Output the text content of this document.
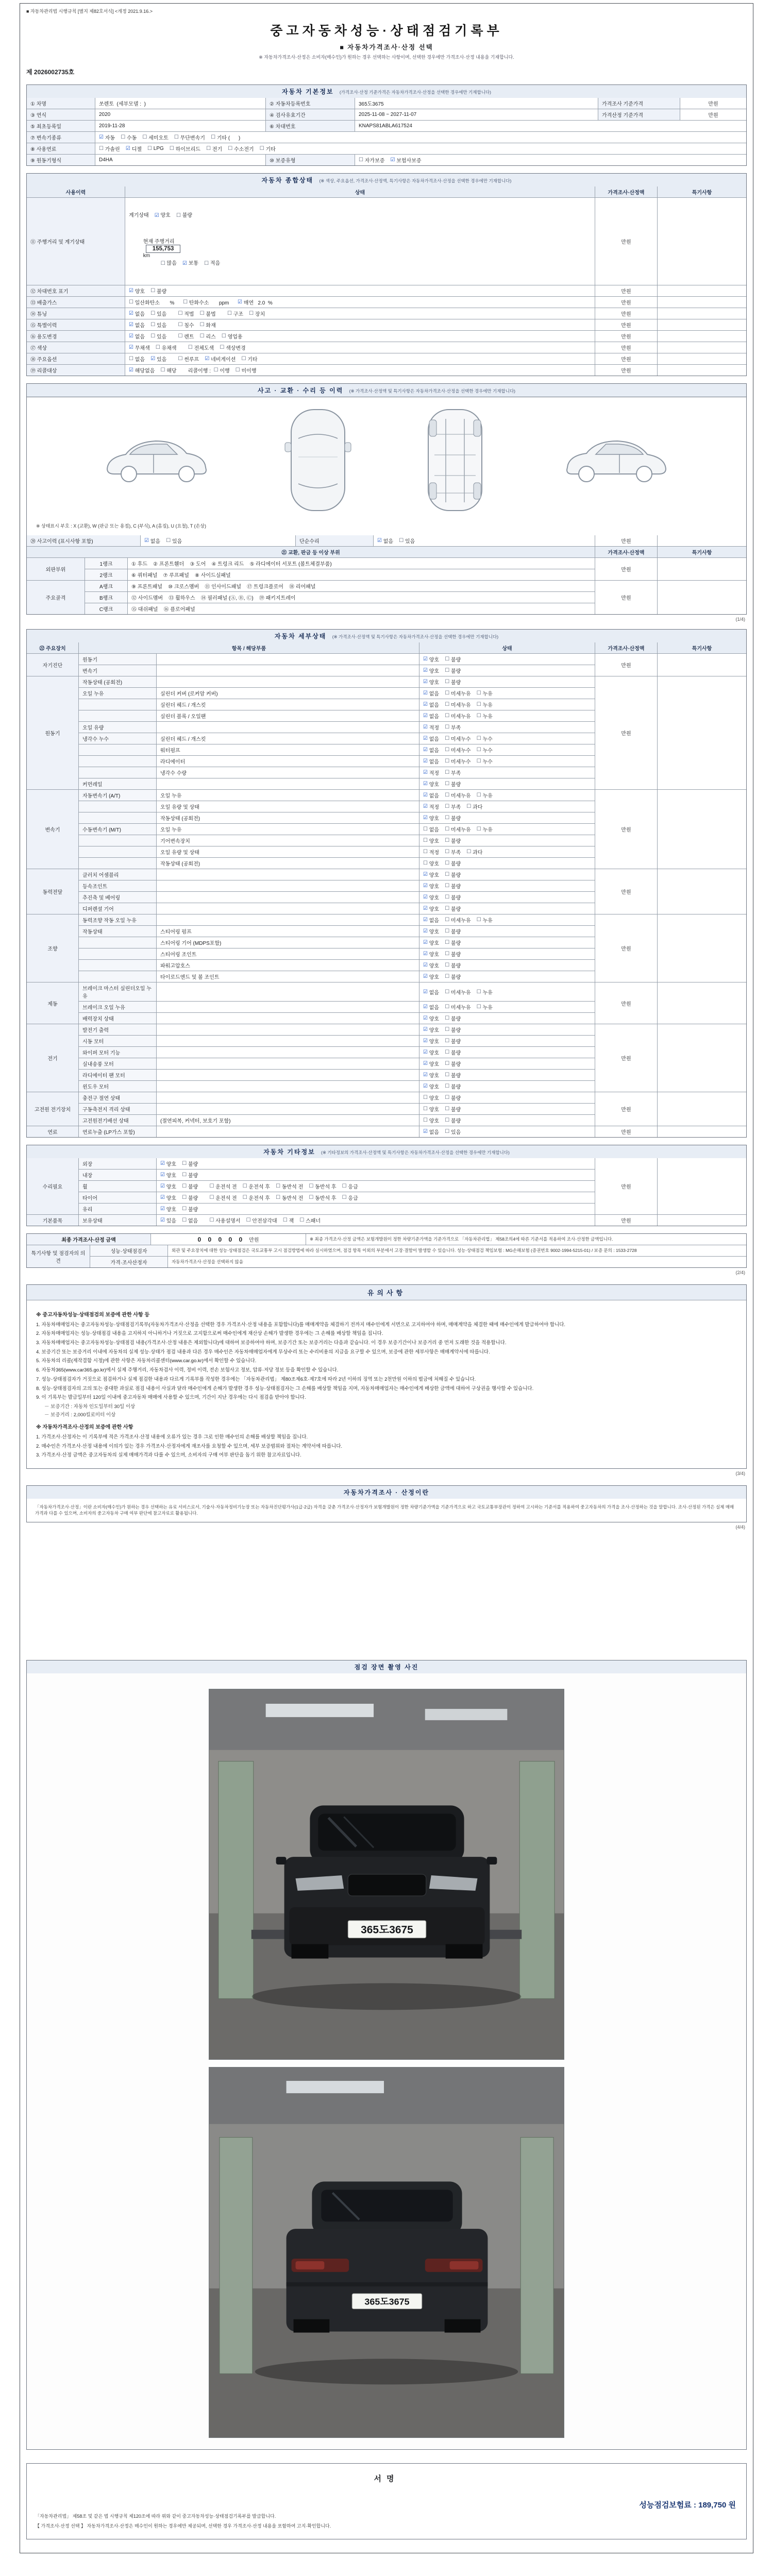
■ 자동차관리법 시행규칙 [별지 제82호서식] <개정 2021.9.16.>
중고자동차성능·상태점검기록부
■ 자동차가격조사·산정 선택
※ 자동차가격조사·산정은 소비자(매수인)가 원하는 경우 선택하는 사항이며, 선택한 경우에만 가격조사·산정 내용을 기재합니다.
제 2026002735호
자동차 기본정보 (가격조사·산정 기준가격은 자동차가격조사·산정을 선택한 경우에만 기재합니다)
① 차명	쏘렌토  (세부모델 :  )	② 자동차등록번호	365도3675	가격조사 기준가격	만원
③ 연식	2020	④ 검사유효기간	2025-11-08 ~ 2027-11-07	가격산정 기준가격	만원
⑤ 최초등록일	2019-11-28	⑥ 차대번호	KNAPS81ABLA617524
⑦ 변속기종류	☑ 자동 ☐ 수동 ☐ 세미오토 ☐ 무단변속기 ☐ 기타 (      )
⑧ 사용연료	☐ 가솔린 ☑ 디젤 ☐ LPG ☐ 하이브리드 ☐ 전기 ☐ 수소전기 ☐ 기타
⑨ 원동기형식	D4HA	⑩ 보증유형	☐ 자가보증 ☑ 보험사보증
자동차 종합상태 (※ 색상, 주요옵션, 가격조사·산정액, 특기사항은 자동차가격조사·산정을 선택한 경우에만 기재합니다)
사용이력	상태	가격조사·산정액	특기사항
⑪ 주행거리 및 계기상태

계기상태    ☑ 양호    ☐ 불량

현재 주행거리
155,753
km
☐ 많음    ☑ 보통    ☐ 적음

만원
⑫ 차대번호 표기	☑ 양호 ☐ 불량	만원
⑬ 배출가스	☐ 일산화탄소       % ☐ 탄화수소       ppm ☑ 매연   2.0  %	만원
⑭ 튜닝	☑ 없음 ☐ 있음 ☐ 적법 ☐ 불법 ☐ 구조 ☐ 장치	만원
⑮ 특별이력	☑ 없음 ☐ 있음 ☐ 침수 ☐ 화재	만원
⑯ 용도변경	☑ 없음 ☐ 있음 ☐ 렌트 ☐ 리스 ☐ 영업용	만원
⑰ 색상	☑ 무채색 ☐ 유채색 ☐ 전체도색 ☐ 색상변경	만원
⑱ 주요옵션	☐ 없음 ☑ 있음 ☐ 썬루프 ☑ 네비게이션 ☐ 기타	만원
⑲ 리콜대상	☑ 해당없음 ☐ 해당        리콜이행 : ☐ 이행 ☐ 미이행	만원
사고 · 교환 · 수리 등 이력 (※ 가격조사·산정액 및 특기사항은 자동차가격조사·산정을 선택한 경우에만 기재합니다)
※ 상태표시 부호 : X (교환), W (판금 또는 용접), C (부식), A (흠집), U (요철), T (손상)
⑳ 사고이력 (표시사항 포함)	☑ 없음 ☐ 있음	단순수리	☑ 없음 ☐ 있음	만원
㉑ 교환, 판금 등 이상 부위	가격조사·산정액	특기사항
외판부위
1랭크	① 후드    ② 프론트휀더    ③ 도어    ④ 트렁크 리드    ⑤ 라디에이터 서포트 (볼트체결부품)
2랭크	⑥ 쿼터패널    ⑦ 루프패널    ⑧ 사이드실패널
만원
주요골격
A랭크	⑨ 프론트패널    ⑩ 크로스멤버    ⑪ 인사이드패널    ⑰ 트렁크플로어    ⑱ 리어패널
B랭크	⑫ 사이드멤버    ⑬ 휠하우스    ⑭ 필러패널 (Ⓐ, Ⓑ, Ⓒ)    ⑲ 패키지트레이
C랭크	⑮ 대쉬패널    ⑯ 플로어패널
만원
(1/4)
자동차 세부상태 (※ 가격조사·산정액 및 특기사항은 자동차가격조사·산정을 선택한 경우에만 기재합니다)
㉒ 주요장치	항목 / 해당부품	상태	가격조사·산정액	특기사항
자기진단
원동기	☑ 양호 ☐ 불량
변속기	☑ 양호 ☐ 불량
만원
원동기
작동상태 (공회전)	☑ 양호 ☐ 불량
오일 누유	실린더 커버 (로커암 커버)	☑ 없음 ☐ 미세누유 ☐ 누유
실린더 헤드 / 개스킷	☑ 없음 ☐ 미세누유 ☐ 누유
실린더 블록 / 오일팬	☑ 없음 ☐ 미세누유 ☐ 누유
오일 유량	☑ 적정 ☐ 부족
냉각수 누수	실린더 헤드 / 개스킷	☑ 없음 ☐ 미세누수 ☐ 누수
워터펌프	☑ 없음 ☐ 미세누수 ☐ 누수
라디에이터	☑ 없음 ☐ 미세누수 ☐ 누수
냉각수 수량	☑ 적정 ☐ 부족
커먼레일	☑ 양호 ☐ 불량
만원
변속기
자동변속기 (A/T)	오일 누유	☑ 없음 ☐ 미세누유 ☐ 누유
오일 유량 및 상태	☑ 적정 ☐ 부족 ☐ 과다
작동상태 (공회전)	☑ 양호 ☐ 불량
수동변속기 (M/T)	오일 누유	☐ 없음 ☐ 미세누유 ☐ 누유
기어변속장치	☐ 양호 ☐ 불량
오일 유량 및 상태	☐ 적정 ☐ 부족 ☐ 과다
작동상태 (공회전)	☐ 양호 ☐ 불량
만원
동력전달
클러치 어셈블리	☑ 양호 ☐ 불량
등속조인트	☑ 양호 ☐ 불량
추진축 및 베어링	☑ 양호 ☐ 불량
디퍼렌셜 기어	☑ 양호 ☐ 불량
만원
조향
동력조향 작동 오일 누유	☑ 없음 ☐ 미세누유 ☐ 누유
작동상태	스티어링 펌프	☑ 양호 ☐ 불량
스티어링 기어 (MDPS포함)	☑ 양호 ☐ 불량
스티어링 조인트	☑ 양호 ☐ 불량
파워고압호스	☑ 양호 ☐ 불량
타이로드엔드 및 볼 조인트	☑ 양호 ☐ 불량
만원
제동
브레이크 마스터 실린더오일 누유
☑ 없음 ☐ 미세누유 ☐ 누유
브레이크 오일 누유	☑ 없음 ☐ 미세누유 ☐ 누유
배력장치 상태	☑ 양호 ☐ 불량
만원
전기
발전기 출력	☑ 양호 ☐ 불량
시동 모터	☑ 양호 ☐ 불량
와이퍼 모터 기능	☑ 양호 ☐ 불량
실내송풍 모터	☑ 양호 ☐ 불량
라디에이터 팬 모터	☑ 양호 ☐ 불량
윈도우 모터	☑ 양호 ☐ 불량
만원
고전원 전기장치
충전구 절연 상태	☐ 양호 ☐ 불량
구동축전지 격리 상태	☐ 양호 ☐ 불량
고전원전기배선 상태	(절연피복, 커넥터, 보호기 포함)	☐ 양호 ☐ 불량
만원
연료	연료누출 (LP가스 포함)	☑ 없음 ☐ 있음	만원
자동차 기타정보 (※ 기타정보의 가격조사·산정액 및 특기사항은 자동차가격조사·산정을 선택한 경우에만 기재합니다)
수리필요
외장	☑ 양호 ☐ 불량
내장	☑ 양호 ☐ 불량
휠	☑ 양호 ☐ 불량 ☐ 운전석 전 ☐ 운전석 후 ☐ 동반석 전 ☐ 동반석 후 ☐ 응급
타이어	☑ 양호 ☐ 불량 ☐ 운전석 전 ☐ 운전석 후 ☐ 동반석 전 ☐ 동반석 후 ☐ 응급
유리	☑ 양호 ☐ 불량
만원
기본품목	보유상태	☑ 있음 ☐ 없음 ☐ 사용설명서 ☐ 안전삼각대 ☐ 잭 ☐ 스패너	만원
최종 가격조사·산정 금액	0 0 0 0 0 만원	※ 최종 가격조사·산정 금액은 보험개발원이 정한 차량기준가액을 기준가격으로 「자동차관리법」 제58조의4에 따른 기준서를 적용하여 조사·산정한 금액입니다.
특기사항 및 점검자의 의견
성능·상태점검자	외관 및 주요장치에 대한 성능·상태점검은 국토교통부 고시 점검방법에 따라 실시하였으며, 점검 항목 이외의 부분에서 고장·결함이 발생할 수 있습니다. 성능·상태점검 책임보험 : MG손해보험 (증권번호 9002-1994-5215-01) / 보증 문의 : 1533-2728
가격·조사산정자	자동차가격조사·산정을 선택하지 않음
(2/4)
유의사항
※ 중고자동차성능·상태점검의 보증에 관한 사항 등
1. 자동차매매업자는 중고자동차성능·상태점검기록부(자동차가격조사·산정을 선택한 경우 가격조사·산정 내용을 포함합니다)를 매매계약을 체결하기 전까지 매수인에게 서면으로 고지하여야 하며, 매매계약을 체결한 때에 매수인에게 발급하여야 합니다.
2. 자동차매매업자는 성능·상태점검 내용을 고지하지 아니하거나 거짓으로 고지함으로써 매수인에게 재산상 손해가 발생한 경우에는 그 손해를 배상할 책임을 집니다.
3. 자동차매매업자는 중고자동차성능·상태점검 내용(가격조사·산정 내용은 제외합니다)에 대하여 보증하여야 하며, 보증기간 또는 보증거리는 다음과 같습니다. 이 경우 보증기간이나 보증거리 중 먼저 도래한 것을 적용합니다.
4. 보증기간 또는 보증거리 이내에 자동차의 실제 성능·상태가 점검 내용과 다른 경우 매수인은 자동차매매업자에게 무상수리 또는 수리비용의 지급을 요구할 수 있으며, 보증에 관한 세부사항은 매매계약서에 따릅니다.
5. 자동차의 리콜(제작결함 시정)에 관한 사항은 자동차리콜센터(www.car.go.kr)에서 확인할 수 있습니다.
6. 자동차365(www.car365.go.kr)에서 실제 주행거리, 자동차검사 이력, 정비 이력, 전손 보험사고 정보, 압류·저당 정보 등을 확인할 수 있습니다.
7. 성능·상태점검자가 거짓으로 점검하거나 실제 점검한 내용과 다르게 기록부를 작성한 경우에는 「자동차관리법」 제80조제6호·제7호에 따라 2년 이하의 징역 또는 2천만원 이하의 벌금에 처해질 수 있습니다.
8. 성능·상태점검자의 고의 또는 중대한 과실로 점검 내용이 사실과 달라 매수인에게 손해가 발생한 경우 성능·상태점검자는 그 손해를 배상할 책임을 지며, 자동차매매업자는 매수인에게 배상한 금액에 대하여 구상권을 행사할 수 있습니다.
9. 이 기록부는 발급일부터 120일 이내에 중고자동차 매매에 사용할 수 있으며, 기간이 지난 경우에는 다시 점검을 받아야 합니다.
－ 보증기간 : 자동차 인도일부터 30일 이상
－ 보증거리 : 2,000킬로미터 이상
※ 자동차가격조사·산정의 보증에 관한 사항
1. 가격조사·산정자는 이 기록부에 적은 가격조사·산정 내용에 오류가 있는 경우 그로 인한 매수인의 손해를 배상할 책임을 집니다.
2. 매수인은 가격조사·산정 내용에 이의가 있는 경우 가격조사·산정자에게 재조사를 요청할 수 있으며, 세부 보증범위와 절차는 계약서에 따릅니다.
3. 가격조사·산정 금액은 중고자동차의 실제 매매가격과 다를 수 있으며, 소비자의 구매 여부 판단을 돕기 위한 참고자료입니다.
(3/4)
자동차가격조사 · 산정이란
「자동차가격조사·산정」이란 소비자(매수인)가 원하는 경우 선택하는 유료 서비스로서, 기술사·자동차정비기능장 또는 자동차진단평가사(1급·2급) 자격을 갖춘 가격조사·산정자가 보험개발원이 정한 차량기준가액을 기준가격으로 하고 국토교통부장관이 정하여 고시하는 기준서를 적용하여 중고자동차의 가격을 조사·산정하는 것을 말합니다. 조사·산정된 가격은 실제 매매가격과 다를 수 있으며, 소비자의 중고자동차 구매 여부 판단에 참고자료로 활용됩니다.
(4/4)
점검 장면 촬영 사진
365도3675
365도3675
서명
성능점검보험료 : 189,750 원
「자동차관리법」 제58조 및 같은 법 시행규칙 제120조에 따라 위와 같이 중고자동차성능·상태점검기록부를 발급합니다.
【 가격조사·산정 선택 】 자동차가격조사·산정은 매수인이 원하는 경우에만 제공되며, 선택한 경우 가격조사·산정 내용을 포함하여 고지·확인합니다.
